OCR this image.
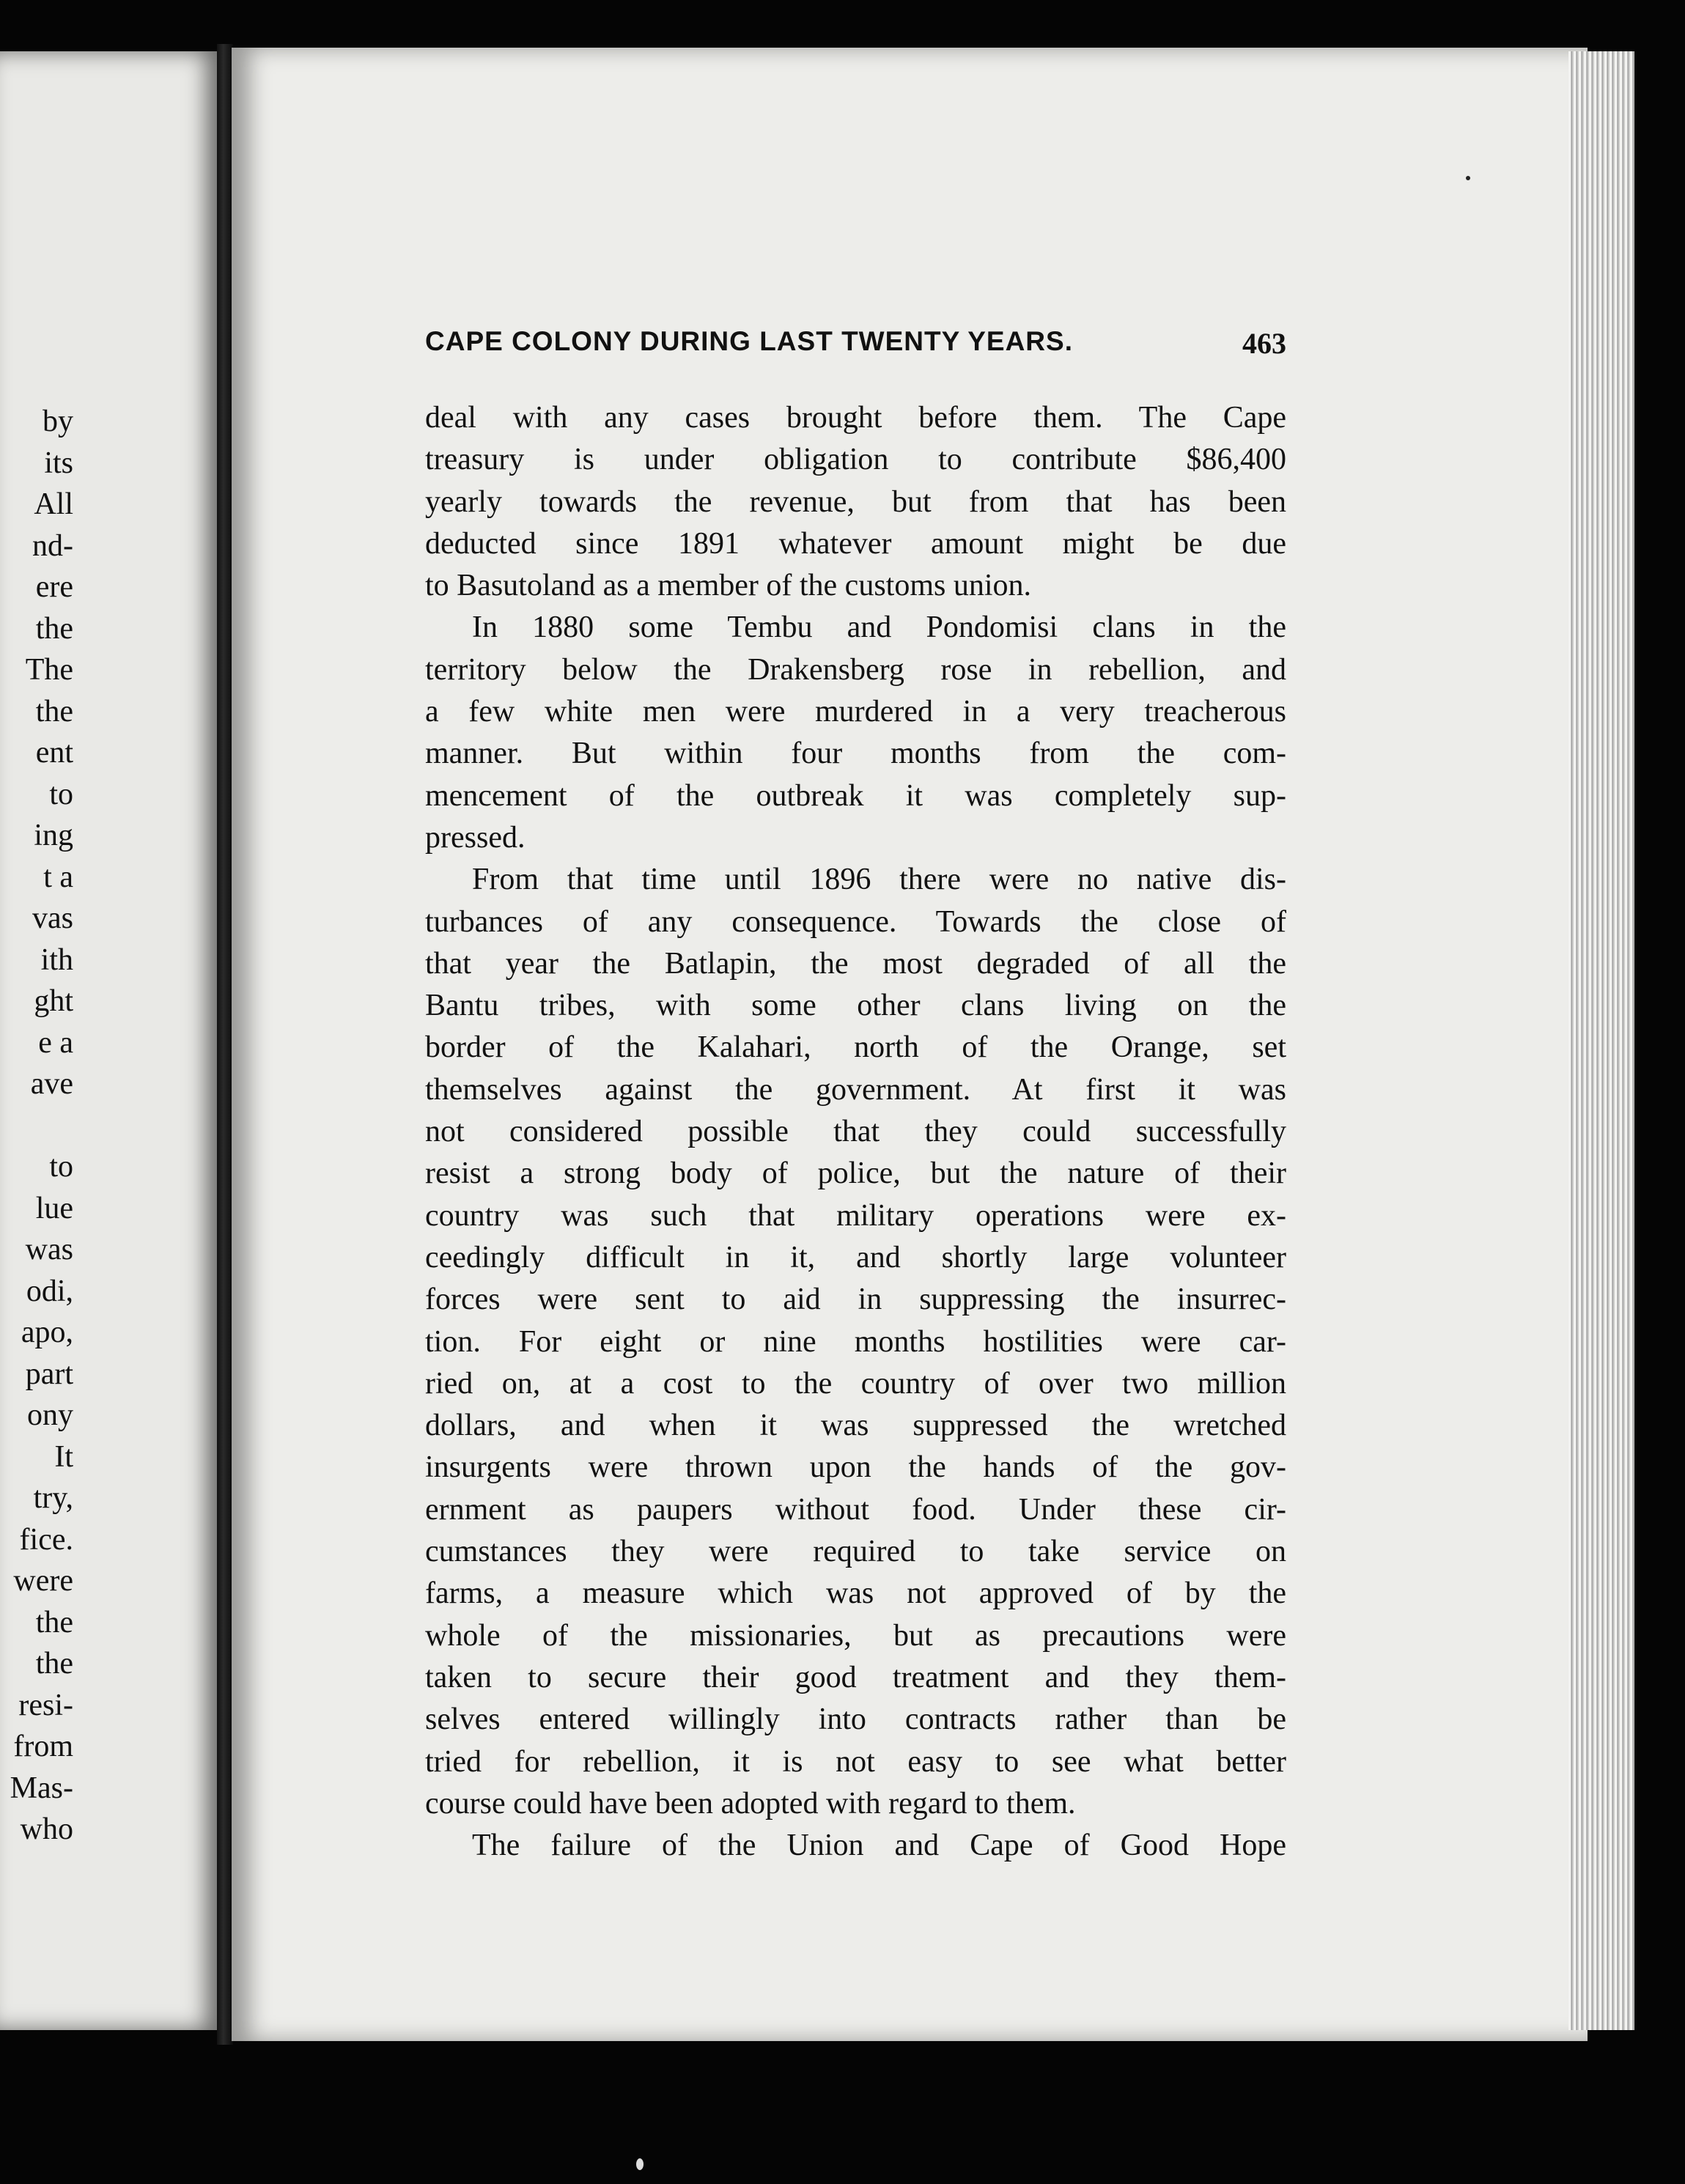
by
its
All
nd-
ere
the
The
the
ent
to
ing
t a
vas
ith
ght
e a
ave
to
lue
was
odi,
apo,
part
ony
It
try,
fice.
were
the
the
resi-
from
Mas-
who
CAPE COLONY DURING LAST TWENTY YEARS.	463
deal with any cases brought before them. The Cape
treasury is under obligation to contribute $86,400
yearly towards the revenue, but from that has been
deducted since 1891 whatever amount might be due
to Basutoland as a member of the customs union.
In 1880 some Tembu and Pondomisi clans in the
territory below the Drakensberg rose in rebellion, and
a few white men were murdered in a very treacherous
manner. But within four months from the com-
mencement of the outbreak it was completely sup-
pressed.
From that time until 1896 there were no native dis-
turbances of any consequence. Towards the close of
that year the Batlapin, the most degraded of all the
Bantu tribes, with some other clans living on the
border of the Kalahari, north of the Orange, set
themselves against the government. At first it was
not considered possible that they could successfully
resist a strong body of police, but the nature of their
country was such that military operations were ex-
ceedingly difficult in it, and shortly large volunteer
forces were sent to aid in suppressing the insurrec-
tion. For eight or nine months hostilities were car-
ried on, at a cost to the country of over two million
dollars, and when it was suppressed the wretched
insurgents were thrown upon the hands of the gov-
ernment as paupers without food. Under these cir-
cumstances they were required to take service on
farms, a measure which was not approved of by the
whole of the missionaries, but as precautions were
taken to secure their good treatment and they them-
selves entered willingly into contracts rather than be
tried for rebellion, it is not easy to see what better
course could have been adopted with regard to them.
The failure of the Union and Cape of Good Hope
